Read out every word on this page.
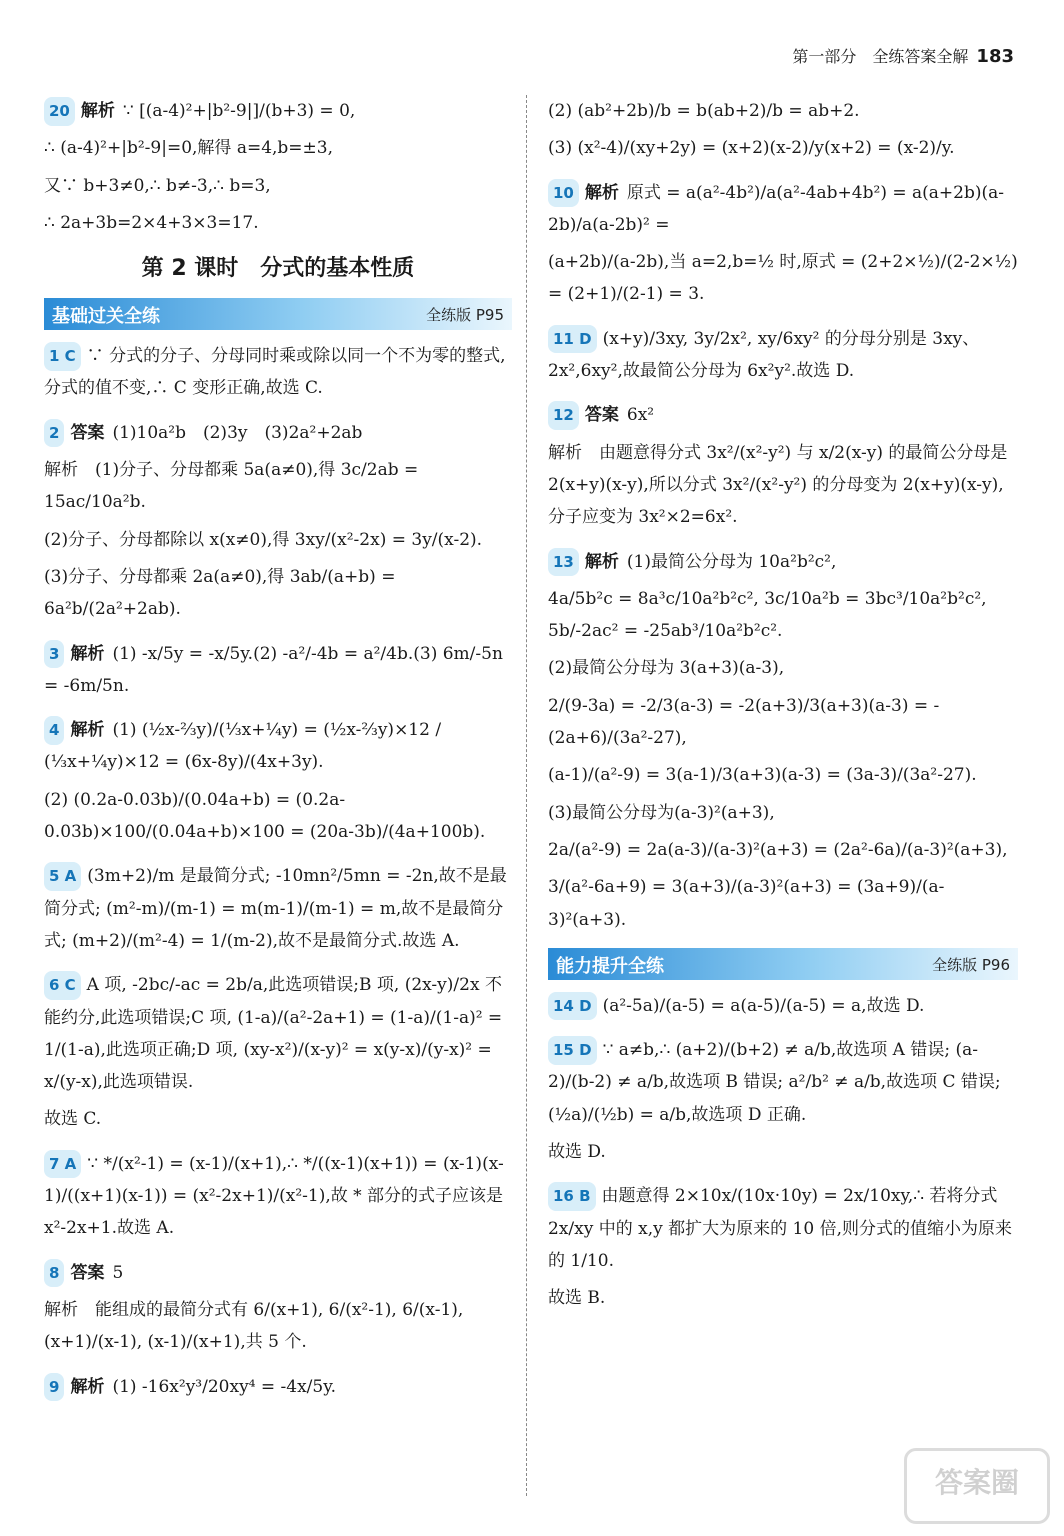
第一部分　全练答案全解 183
20 解析 ∵ [(a-4)²+|b²-9|]/(b+3) = 0,
∴ (a-4)²+|b²-9|=0,解得 a=4,b=±3,
又∵ b+3≠0,∴ b≠-3,∴ b=3,
∴ 2a+3b=2×4+3×3=17.
第 2 课时　分式的基本性质
基础过关全练	全练版 P95
1 C ∵ 分式的分子、分母同时乘或除以同一个不为零的整式,分式的值不变,∴ C 变形正确,故选 C.
2 答案 (1)10a²b　(2)3y　(3)2a²+2ab
解析　(1)分子、分母都乘 5a(a≠0),得 3c/2ab = 15ac/10a²b.
(2)分子、分母都除以 x(x≠0),得 3xy/(x²-2x) = 3y/(x-2).
(3)分子、分母都乘 2a(a≠0),得 3ab/(a+b) = 6a²b/(2a²+2ab).
3 解析 (1) -x/5y = -x/5y.(2) -a²/-4b = a²/4b.(3) 6m/-5n = -6m/5n.
4 解析 (1) (½x-⅔y)/(⅓x+¼y) = (½x-⅔y)×12 / (⅓x+¼y)×12 = (6x-8y)/(4x+3y).
(2) (0.2a-0.03b)/(0.04a+b) = (0.2a-0.03b)×100/(0.04a+b)×100 = (20a-3b)/(4a+100b).
5 A (3m+2)/m 是最简分式; -10mn²/5mn = -2n,故不是最简分式; (m²-m)/(m-1) = m(m-1)/(m-1) = m,故不是最简分式; (m+2)/(m²-4) = 1/(m-2),故不是最简分式.故选 A.
6 C A 项, -2bc/-ac = 2b/a,此选项错误;B 项, (2x-y)/2x 不能约分,此选项错误;C 项, (1-a)/(a²-2a+1) = (1-a)/(1-a)² = 1/(1-a),此选项正确;D 项, (xy-x²)/(x-y)² = x(y-x)/(y-x)² = x/(y-x),此选项错误.
故选 C.
7 A ∵ */(x²-1) = (x-1)/(x+1),∴ */((x-1)(x+1)) = (x-1)(x-1)/((x+1)(x-1)) = (x²-2x+1)/(x²-1),故 * 部分的式子应该是 x²-2x+1.故选 A.
8 答案 5
解析　能组成的最简分式有 6/(x+1), 6/(x²-1), 6/(x-1), (x+1)/(x-1), (x-1)/(x+1),共 5 个.
9 解析 (1) -16x²y³/20xy⁴ = -4x/5y.
(2) (ab²+2b)/b = b(ab+2)/b = ab+2.
(3) (x²-4)/(xy+2y) = (x+2)(x-2)/y(x+2) = (x-2)/y.
10 解析 原式 = a(a²-4b²)/a(a²-4ab+4b²) = a(a+2b)(a-2b)/a(a-2b)² =
(a+2b)/(a-2b),当 a=2,b=½ 时,原式 = (2+2×½)/(2-2×½) = (2+1)/(2-1) = 3.
11 D (x+y)/3xy, 3y/2x², xy/6xy² 的分母分别是 3xy、2x²,6xy²,故最简公分母为 6x²y².故选 D.
12 答案 6x²
解析　由题意得分式 3x²/(x²-y²) 与 x/2(x-y) 的最简公分母是 2(x+y)(x-y),所以分式 3x²/(x²-y²) 的分母变为 2(x+y)(x-y),分子应变为 3x²×2=6x².
13 解析 (1)最简公分母为 10a²b²c²,
4a/5b²c = 8a³c/10a²b²c², 3c/10a²b = 3bc³/10a²b²c², 5b/-2ac² = -25ab³/10a²b²c².
(2)最简公分母为 3(a+3)(a-3),
2/(9-3a) = -2/3(a-3) = -2(a+3)/3(a+3)(a-3) = -(2a+6)/(3a²-27),
(a-1)/(a²-9) = 3(a-1)/3(a+3)(a-3) = (3a-3)/(3a²-27).
(3)最简公分母为(a-3)²(a+3),
2a/(a²-9) = 2a(a-3)/(a-3)²(a+3) = (2a²-6a)/(a-3)²(a+3),
3/(a²-6a+9) = 3(a+3)/(a-3)²(a+3) = (3a+9)/(a-3)²(a+3).
能力提升全练	全练版 P96
14 D (a²-5a)/(a-5) = a(a-5)/(a-5) = a,故选 D.
15 D ∵ a≠b,∴ (a+2)/(b+2) ≠ a/b,故选项 A 错误; (a-2)/(b-2) ≠ a/b,故选项 B 错误; a²/b² ≠ a/b,故选项 C 错误; (½a)/(½b) = a/b,故选项 D 正确.
故选 D.
16 B 由题意得 2×10x/(10x·10y) = 2x/10xy,∴ 若将分式 2x/xy 中的 x,y 都扩大为原来的 10 倍,则分式的值缩小为原来的 1/10.
故选 B.
答案圈
